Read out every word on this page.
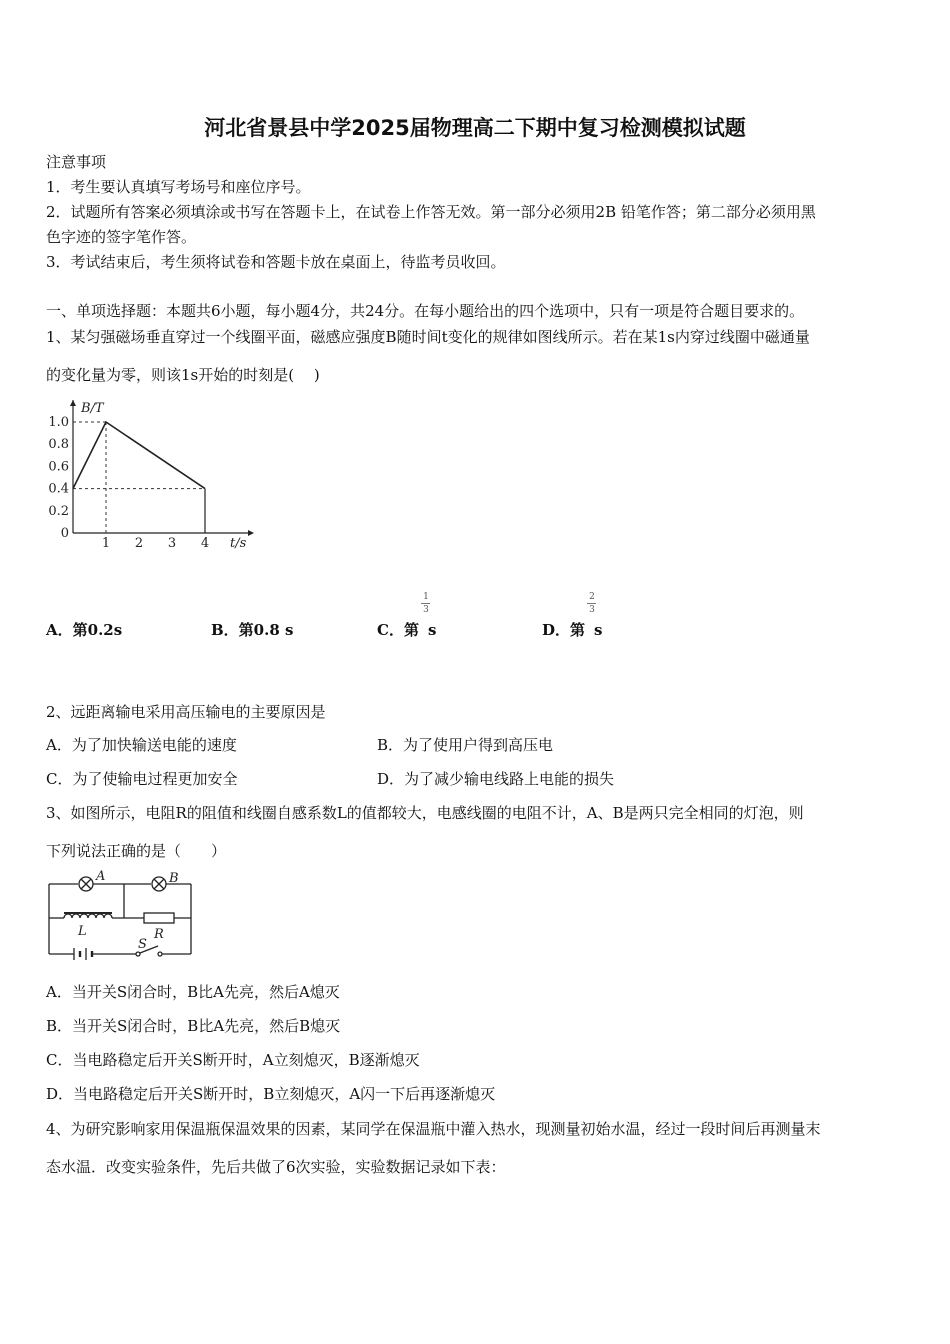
河北省景县中学2025届物理高二下期中复习检测模拟试题
注意事项
1．考生要认真填写考场号和座位序号。
2．试题所有答案必须填涂或书写在答题卡上，在试卷上作答无效。第一部分必须用2B 铅笔作答；第二部分必须用黑
色字迹的签字笔作答。
3．考试结束后，考生须将试卷和答题卡放在桌面上，待监考员收回。
一、单项选择题：本题共6小题，每小题4分，共24分。在每小题给出的四个选项中，只有一项是符合题目要求的。
1、某匀强磁场垂直穿过一个线圈平面，磁感应强度B随时间t变化的规律如图线所示。若在某1s内穿过线圈中磁通量
的变化量为零，则该1s开始的时刻是(　 )
B/T
t/s
0
0.2
0.4
0.6
0.8
1.0
1 2 3 4
A．第0.2s	B．第0.8 s	C．第 s
1
3
D．第 s
2
3
2、远距离输电采用高压输电的主要原因是
A．为了加快输送电能的速度	B．为了使用户得到高压电
C．为了使输电过程更加安全	D．为了减少输电线路上电能的损失
3、如图所示，电阻R的阻值和线圈自感系数L的值都较大，电感线圈的电阻不计，A、B是两只完全相同的灯泡，则
下列说法正确的是（　　）
A	B
L	R
S
A．当开关S闭合时，B比A先亮，然后A熄灭
B．当开关S闭合时，B比A先亮，然后B熄灭
C．当电路稳定后开关S断开时，A立刻熄灭，B逐渐熄灭
D．当电路稳定后开关S断开时，B立刻熄灭，A闪一下后再逐渐熄灭
4、为研究影响家用保温瓶保温效果的因素，某同学在保温瓶中灌入热水，现测量初始水温，经过一段时间后再测量末
态水温．改变实验条件，先后共做了6次实验，实验数据记录如下表：
